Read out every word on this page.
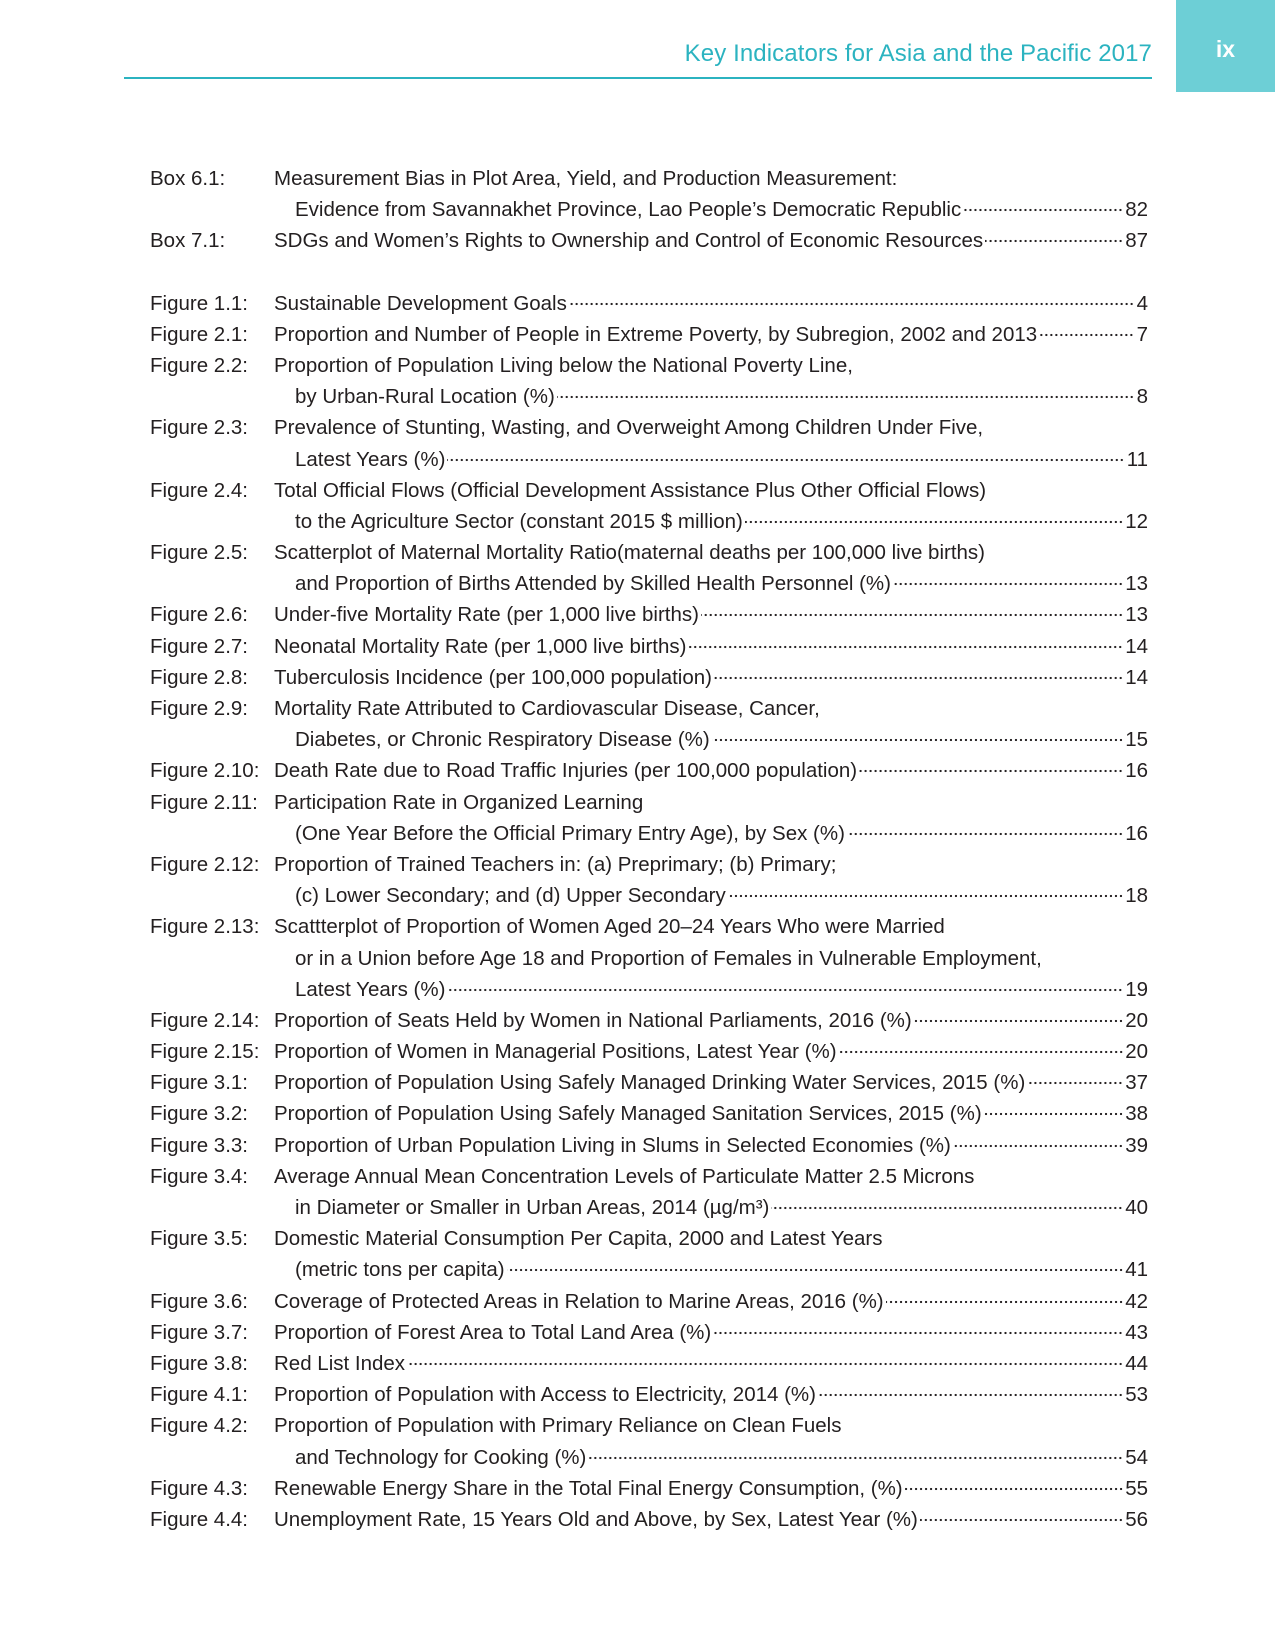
Key Indicators for Asia and the Pacific 2017	ix
Box 6.1:	Measurement Bias in Plot Area, Yield, and Production Measurement:
Evidence from Savannakhet Province, Lao People’s Democratic Republic	82
Box 7.1:	SDGs and Women’s Rights to Ownership and Control of Economic Resources	87
Figure 1.1:	Sustainable Development Goals	4
Figure 2.1:	Proportion and Number of People in Extreme Poverty, by Subregion, 2002 and 2013	7
Figure 2.2:	Proportion of Population Living below the National Poverty Line,
by Urban-Rural Location (%)	8
Figure 2.3:	Prevalence of Stunting, Wasting, and Overweight Among Children Under Five,
Latest Years (%)	11
Figure 2.4:	Total Official Flows (Official Development Assistance Plus Other Official Flows)
to the Agriculture Sector (constant 2015 $ million)	12
Figure 2.5:	Scatterplot of Maternal Mortality Ratio(maternal deaths per 100,000 live births)
and Proportion of Births Attended by Skilled Health Personnel (%)	13
Figure 2.6:	Under-five Mortality Rate (per 1,000 live births)	13
Figure 2.7:	Neonatal Mortality Rate (per 1,000 live births)	14
Figure 2.8:	Tuberculosis Incidence (per 100,000 population)	14
Figure 2.9:	Mortality Rate Attributed to Cardiovascular Disease, Cancer,
Diabetes, or Chronic Respiratory Disease (%)	15
Figure 2.10: Death Rate due to Road Traffic Injuries (per 100,000 population)	16
Figure 2.11: Participation Rate in Organized Learning
(One Year Before the Official Primary Entry Age), by Sex (%)	16
Figure 2.12: Proportion of Trained Teachers in: (a) Preprimary; (b) Primary;
(c) Lower Secondary; and (d) Upper Secondary	18
Figure 2.13: Scattterplot of Proportion of Women Aged 20–24 Years Who were Married
or in a Union before Age 18 and Proportion of Females in Vulnerable Employment,
Latest Years (%)	19
Figure 2.14: Proportion of Seats Held by Women in National Parliaments, 2016 (%)	20
Figure 2.15: Proportion of Women in Managerial Positions, Latest Year (%)	20
Figure 3.1:	Proportion of Population Using Safely Managed Drinking Water Services, 2015 (%)	37
Figure 3.2:	Proportion of Population Using Safely Managed Sanitation Services, 2015 (%)	38
Figure 3.3:	Proportion of Urban Population Living in Slums in Selected Economies (%)	39
Figure 3.4:	Average Annual Mean Concentration Levels of Particulate Matter 2.5 Microns
in Diameter or Smaller in Urban Areas, 2014 (µg/m³)	40
Figure 3.5:	Domestic Material Consumption Per Capita, 2000 and Latest Years
(metric tons per capita)	41
Figure 3.6:	Coverage of Protected Areas in Relation to Marine Areas, 2016 (%)	42
Figure 3.7:	Proportion of Forest Area to Total Land Area (%)	43
Figure 3.8:	Red List Index	44
Figure 4.1:	Proportion of Population with Access to Electricity, 2014 (%)	53
Figure 4.2:	Proportion of Population with Primary Reliance on Clean Fuels
and Technology for Cooking (%)	54
Figure 4.3:	Renewable Energy Share in the Total Final Energy Consumption, (%)	55
Figure 4.4:	Unemployment Rate, 15 Years Old and Above, by Sex, Latest Year (%)	56
